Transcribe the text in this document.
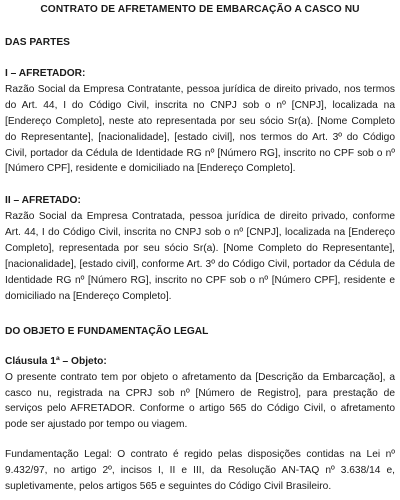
CONTRATO DE AFRETAMENTO DE EMBARCAÇÃO A CASCO NU

DAS PARTES

I – AFRETADOR:

Razão Social da Empresa Contratante, pessoa jurídica de direito privado, nos termos do Art. 44, I do Código Civil, inscrita no CNPJ sob o nº [CNPJ], localizada na [Endereço Completo], neste ato representada por seu sócio Sr(a). [Nome Completo do Representante], [nacionalidade], [estado civil], nos termos do Art. 3º do Código Civil, portador da Cédula de Identidade RG nº [Número RG], inscrito no CPF sob o nº [Número CPF], residente e domiciliado na [Endereço Completo].

II – AFRETADO:

Razão Social da Empresa Contratada, pessoa jurídica de direito privado, conforme Art. 44, I do Código Civil, inscrita no CNPJ sob o nº [CNPJ], localizada na [Endereço Completo], representada por seu sócio Sr(a). [Nome Completo do Representante], [nacionalidade], [estado civil], conforme Art. 3º do Código Civil, portador da Cédula de Identidade RG nº [Número RG], inscrito no CPF sob o nº [Número CPF], residente e domiciliado na [Endereço Completo].

DO OBJETO E FUNDAMENTAÇÃO LEGAL

Cláusula 1ª – Objeto:

O presente contrato tem por objeto o afretamento da [Descrição da Embarcação], a casco nu, registrada na CPRJ sob nº [Número de Registro], para prestação de serviços pelo AFRETADOR. Conforme o artigo 565 do Código Civil, o afretamento pode ser ajustado por tempo ou viagem.

Fundamentação Legal: O contrato é regido pelas disposições contidas na Lei nº 9.432/97, no artigo 2º, incisos I, II e III, da Resolução AN-TAQ nº 3.638/14 e, supletivamente, pelos artigos 565 e seguintes do Código Civil Brasileiro.
